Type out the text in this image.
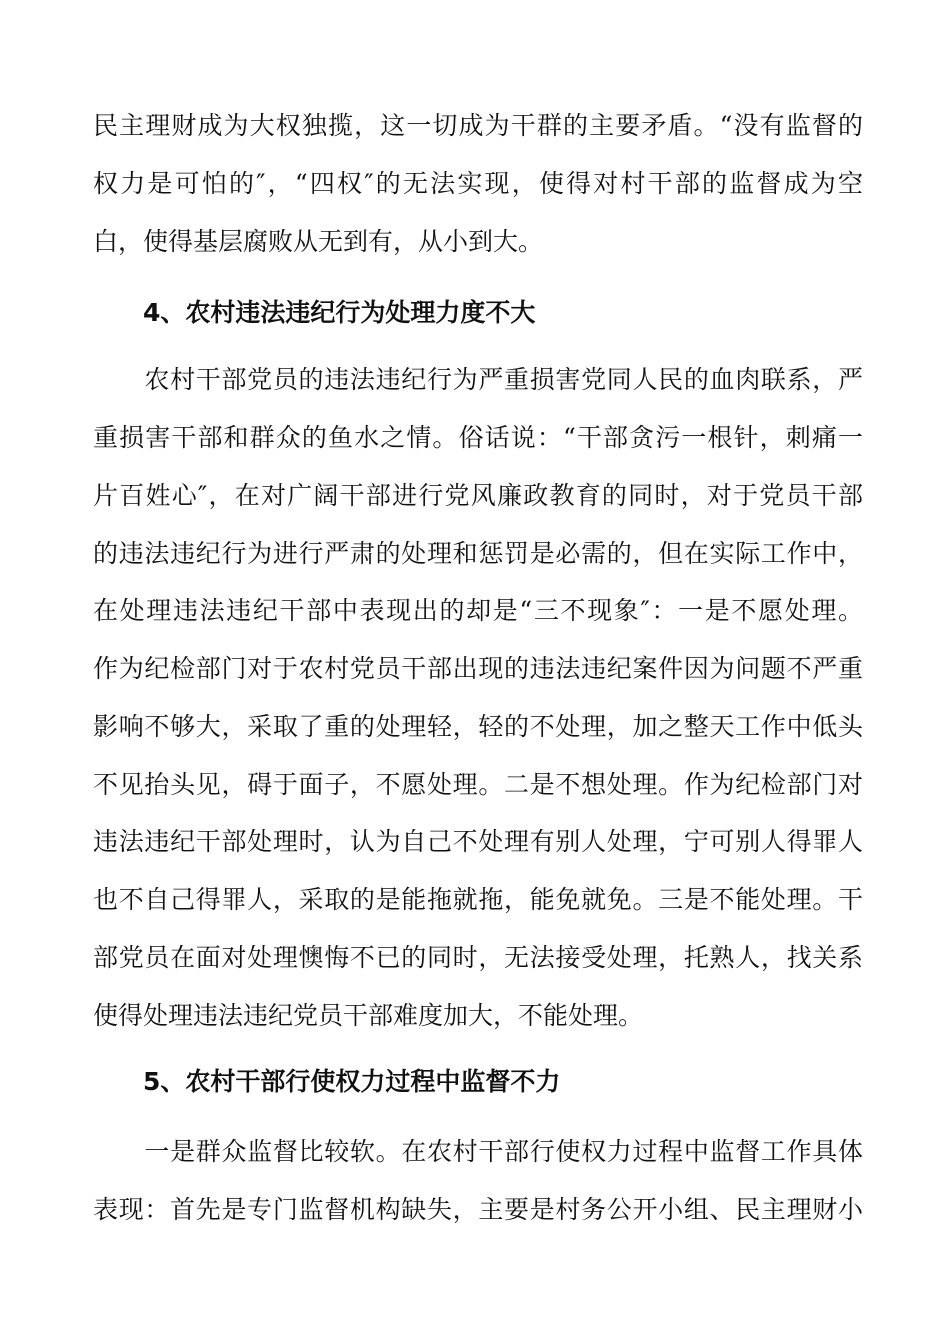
民主理财成为大权独揽，这一切成为干群的主要矛盾。“没有监督的
权力是可怕的″，“四权″的无法实现，使得对村干部的监督成为空
白，使得基层腐败从无到有，从小到大。
4、农村违法违纪行为处理力度不大
　　农村干部党员的违法违纪行为严重损害党同人民的血肉联系，严
重损害干部和群众的鱼水之情。俗话说：“干部贪污一根针，刺痛一
片百姓心″，在对广阔干部进行党风廉政教育的同时，对于党员干部
的违法违纪行为进行严肃的处理和惩罚是必需的，但在实际工作中，
在处理违法违纪干部中表现出的却是“三不现象″：一是不愿处理。
作为纪检部门对于农村党员干部出现的违法违纪案件因为问题不严重
影响不够大，采取了重的处理轻，轻的不处理，加之整天工作中低头
不见抬头见，碍于面子，不愿处理。二是不想处理。作为纪检部门对
违法违纪干部处理时，认为自己不处理有别人处理，宁可别人得罪人
也不自己得罪人，采取的是能拖就拖，能免就免。三是不能处理。干
部党员在面对处理懊悔不已的同时，无法接受处理，托熟人，找关系
使得处理违法违纪党员干部难度加大，不能处理。
5、农村干部行使权力过程中监督不力
　　一是群众监督比较软。在农村干部行使权力过程中监督工作具体
表现：首先是专门监督机构缺失，主要是村务公开小组、民主理财小
